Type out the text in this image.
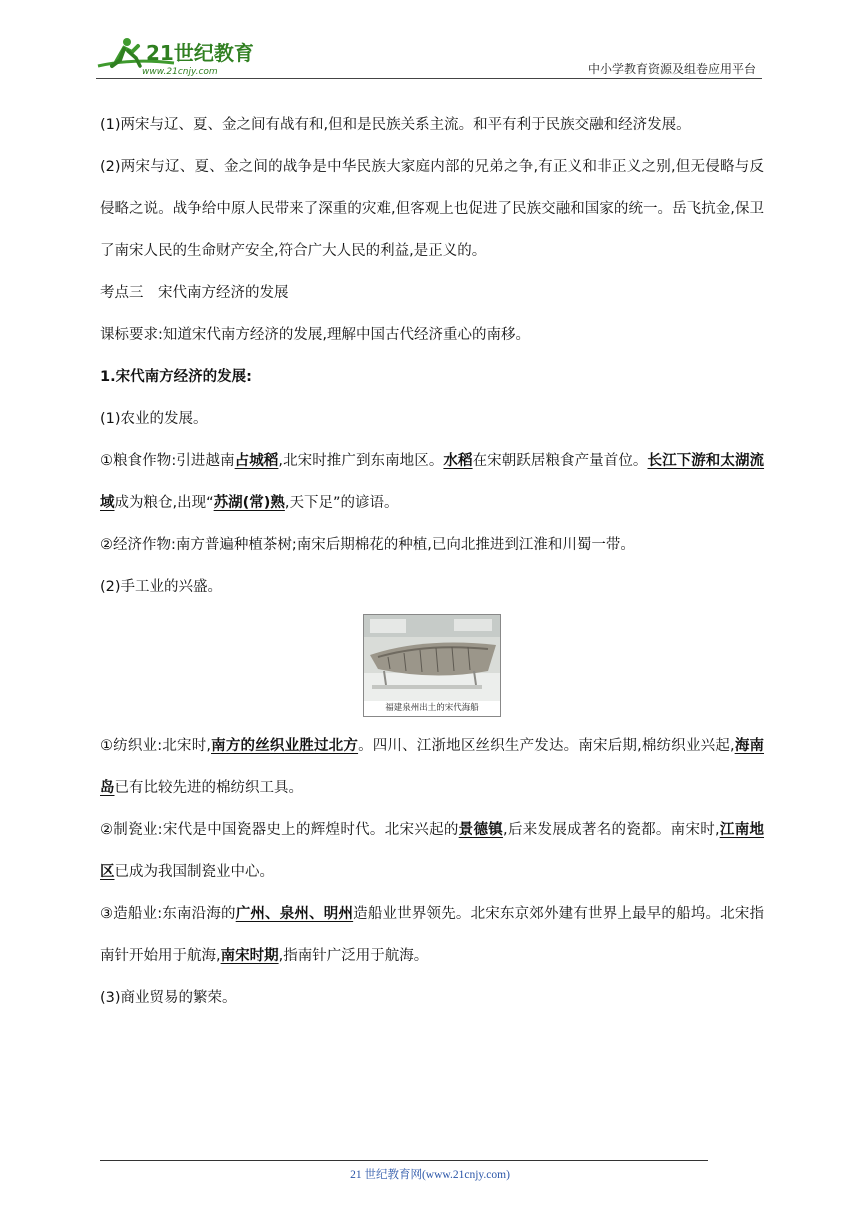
21世纪教育
www.21cnjy.com	中小学教育资源及组卷应用平台

(1)两宋与辽、夏、金之间有战有和,但和是民族关系主流。和平有利于民族交融和经济发展。

(2)两宋与辽、夏、金之间的战争是中华民族大家庭内部的兄弟之争,有正义和非正义之别,但无侵略与反侵略之说。战争给中原人民带来了深重的灾难,但客观上也促进了民族交融和国家的统一。岳飞抗金,保卫了南宋人民的生命财产安全,符合广大人民的利益,是正义的。

考点三　宋代南方经济的发展

课标要求:知道宋代南方经济的发展,理解中国古代经济重心的南移。

1.宋代南方经济的发展:

(1)农业的发展。

①粮食作物:引进越南占城稻,北宋时推广到东南地区。水稻在宋朝跃居粮食产量首位。长江下游和太湖流域成为粮仓,出现“苏湖(常)熟,天下足”的谚语。

②经济作物:南方普遍种植茶树;南宋后期棉花的种植,已向北推进到江淮和川蜀一带。

(2)手工业的兴盛。

福建泉州出土的宋代海船

①纺织业:北宋时,南方的丝织业胜过北方。四川、江浙地区丝织生产发达。南宋后期,棉纺织业兴起,海南岛已有比较先进的棉纺织工具。

②制瓷业:宋代是中国瓷器史上的辉煌时代。北宋兴起的景德镇,后来发展成著名的瓷都。南宋时,江南地区已成为我国制瓷业中心。

③造船业:东南沿海的广州、泉州、明州造船业世界领先。北宋东京郊外建有世界上最早的船坞。北宋指南针开始用于航海,南宋时期,指南针广泛用于航海。

(3)商业贸易的繁荣。

21 世纪教育网(www.21cnjy.com)
